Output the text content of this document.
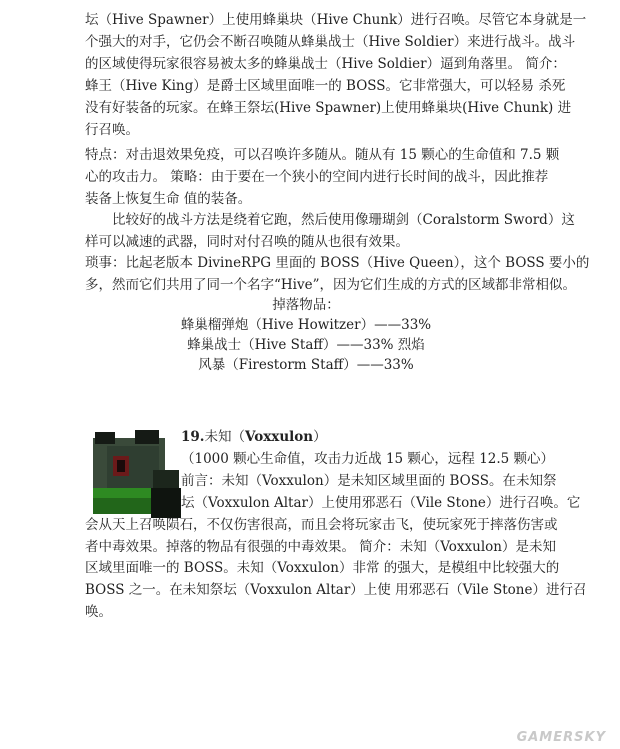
坛（Hive Spawner）上使用蜂巢块（Hive Chunk）进行召唤。尽管它本身就是一
个强大的对手，它仍会不断召唤随从蜂巢战士（Hive Soldier）来进行战斗。战斗
的区域使得玩家很容易被太多的蜂巢战士（Hive Soldier）逼到角落里。 简介：
蜂王（Hive King）是爵士区域里面唯一的 BOSS。它非常强大，可以轻易 杀死
没有好装备的玩家。在蜂王祭坛(Hive Spawner)上使用蜂巢块(Hive Chunk) 进
行召唤。
特点：对击退效果免疫，可以召唤许多随从。随从有 15 颗心的生命值和 7.5 颗
心的攻击力。 策略：由于要在一个狭小的空间内进行长时间的战斗，因此推荐
装备上恢复生命 值的装备。
　　比较好的战斗方法是绕着它跑，然后使用像珊瑚剑（Coralstorm Sword）这
样可以减速的武器，同时对付召唤的随从也很有效果。
琐事：比起老版本 DivineRPG 里面的 BOSS（Hive Queen），这个 BOSS 要小的
多，然而它们共用了同一个名字“Hive”，因为它们生成的方式的区域都非常相似。
掉落物品：
蜂巢榴弹炮（Hive Howitzer）——33%
蜂巢战士（Hive Staff）——33% 烈焰
风暴（Firestorm Staff）——33%
19.未知（Voxxulon）
（1000 颗心生命值，攻击力近战 15 颗心，远程 12.5 颗心）
前言：未知（Voxxulon）是未知区域里面的 BOSS。在未知祭
坛（Voxxulon Altar）上使用邪恶石（Vile Stone）进行召唤。它
会从天上召唤陨石，不仅伤害很高，而且会将玩家击飞，使玩家死于摔落伤害或
者中毒效果。掉落的物品有很强的中毒效果。 简介：未知（Voxxulon）是未知
区域里面唯一的 BOSS。未知（Voxxulon）非常 的强大，是模组中比较强大的
BOSS 之一。在未知祭坛（Voxxulon Altar）上使 用邪恶石（Vile Stone）进行召
唤。
GAMERSKY
